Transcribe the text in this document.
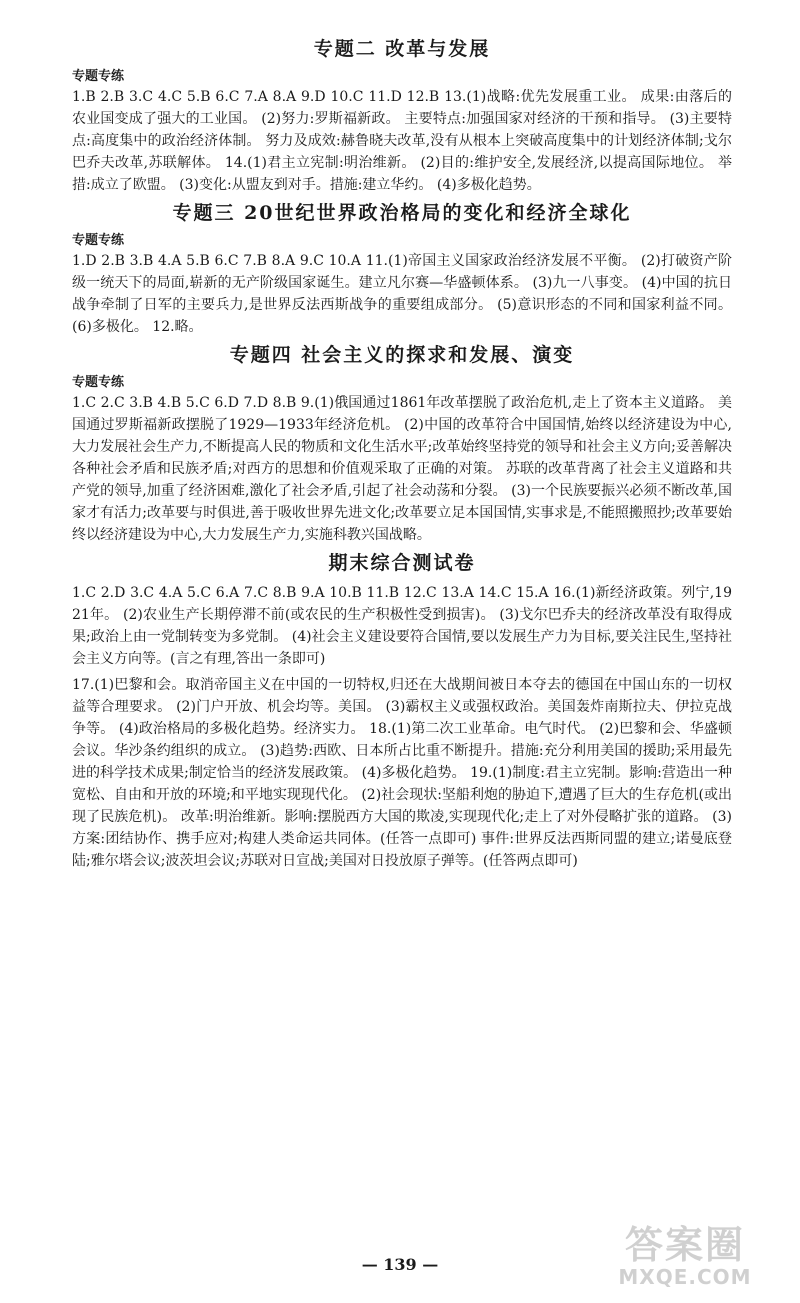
专题二 改革与发展

专题专练

1.B 2.B 3.C 4.C 5.B 6.C 7.A 8.A 9.D 10.C 11.D 12.B 13.(1)战略:优先发展重工业。 成果:由落后的农业国变成了强大的工业国。 (2)努力:罗斯福新政。 主要特点:加强国家对经济的干预和指导。 (3)主要特点:高度集中的政治经济体制。 努力及成效:赫鲁晓夫改革,没有从根本上突破高度集中的计划经济体制;戈尔巴乔夫改革,苏联解体。 14.(1)君主立宪制:明治维新。 (2)目的:维护安全,发展经济,以提高国际地位。 举措:成立了欧盟。 (3)变化:从盟友到对手。措施:建立华约。 (4)多极化趋势。

专题三 20世纪世界政治格局的变化和经济全球化

专题专练

1.D 2.B 3.B 4.A 5.B 6.C 7.B 8.A 9.C 10.A 11.(1)帝国主义国家政治经济发展不平衡。 (2)打破资产阶级一统天下的局面,崭新的无产阶级国家诞生。建立凡尔赛—华盛顿体系。 (3)九一八事变。 (4)中国的抗日战争牵制了日军的主要兵力,是世界反法西斯战争的重要组成部分。 (5)意识形态的不同和国家利益不同。 (6)多极化。 12.略。

专题四 社会主义的探求和发展、演变

专题专练

1.C 2.C 3.B 4.B 5.C 6.D 7.D 8.B 9.(1)俄国通过1861年改革摆脱了政治危机,走上了资本主义道路。 美国通过罗斯福新政摆脱了1929—1933年经济危机。 (2)中国的改革符合中国国情,始终以经济建设为中心,大力发展社会生产力,不断提高人民的物质和文化生活水平;改革始终坚持党的领导和社会主义方向;妥善解决各种社会矛盾和民族矛盾;对西方的思想和价值观采取了正确的对策。 苏联的改革背离了社会主义道路和共产党的领导,加重了经济困难,激化了社会矛盾,引起了社会动荡和分裂。 (3)一个民族要振兴必须不断改革,国家才有活力;改革要与时俱进,善于吸收世界先进文化;改革要立足本国国情,实事求是,不能照搬照抄;改革要始终以经济建设为中心,大力发展生产力,实施科教兴国战略。

期末综合测试卷

1.C 2.D 3.C 4.A 5.C 6.A 7.C 8.B 9.A 10.B 11.B 12.C 13.A 14.C 15.A 16.(1)新经济政策。列宁,1921年。 (2)农业生产长期停滞不前(或农民的生产积极性受到损害)。 (3)戈尔巴乔夫的经济改革没有取得成果;政治上由一党制转变为多党制。 (4)社会主义建设要符合国情,要以发展生产力为目标,要关注民生,坚持社会主义方向等。(言之有理,答出一条即可)

17.(1)巴黎和会。取消帝国主义在中国的一切特权,归还在大战期间被日本夺去的德国在中国山东的一切权益等合理要求。 (2)门户开放、机会均等。美国。 (3)霸权主义或强权政治。美国轰炸南斯拉夫、伊拉克战争等。 (4)政治格局的多极化趋势。经济实力。 18.(1)第二次工业革命。电气时代。 (2)巴黎和会、华盛顿会议。华沙条约组织的成立。 (3)趋势:西欧、日本所占比重不断提升。措施:充分利用美国的援助;采用最先进的科学技术成果;制定恰当的经济发展政策。 (4)多极化趋势。 19.(1)制度:君主立宪制。影响:营造出一种宽松、自由和开放的环境;和平地实现现代化。 (2)社会现状:坚船利炮的胁迫下,遭遇了巨大的生存危机(或出现了民族危机)。 改革:明治维新。影响:摆脱西方大国的欺凌,实现现代化;走上了对外侵略扩张的道路。 (3)方案:团结协作、携手应对;构建人类命运共同体。(任答一点即可) 事件:世界反法西斯同盟的建立;诺曼底登陆;雅尔塔会议;波茨坦会议;苏联对日宣战;美国对日投放原子弹等。(任答两点即可)

— 139 —	答案圈
MXQE.COM
